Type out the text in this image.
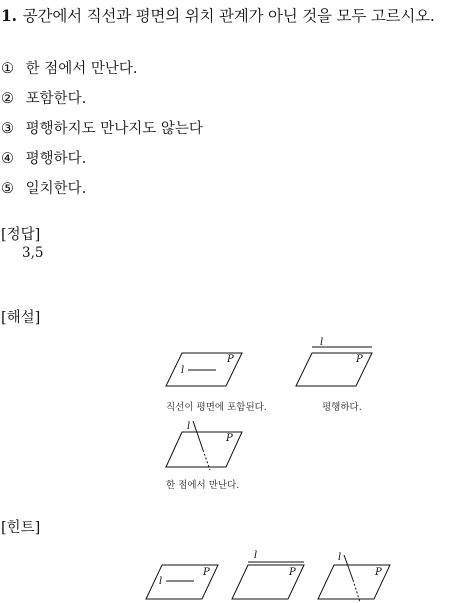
1. 공간에서 직선과 평면의 위치 관계가 아닌 것을 모두 고르시오.
① 한 점에서 만난다.
② 포함한다.
③ 평행하지도 만나지도 않는다
④ 평행하다.
⑤ 일치한다.
[정답]
3,5
[해설]
l
P
직선이 평면에 포함된다.
l
P
평행하다.
l
P
한 점에서 만난다.
[힌트]
l
P
l
P
l
P
